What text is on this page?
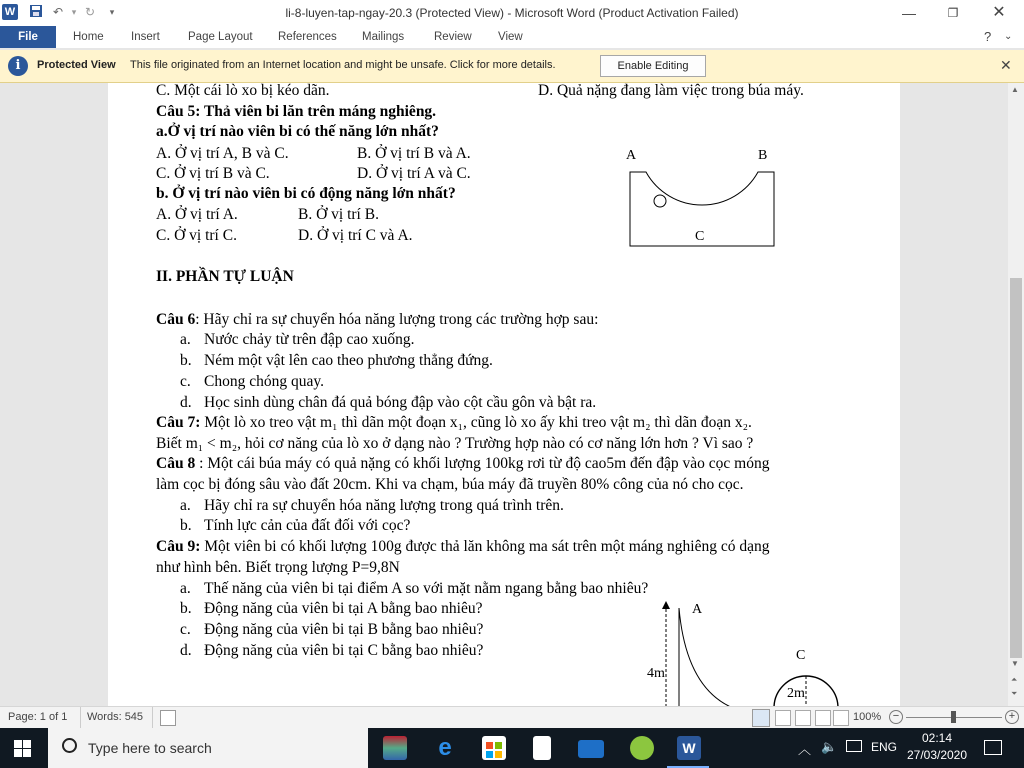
W	↶ ▾ ↻	▾	li-8-luyen-tap-ngay-20.3 (Protected View) - Microsoft Word (Product Activation Failed)	—	❐	✕
File	Home Insert Page Layout References Mailings	Review View	? ⌄
i	Protected View This file originated from an Internet location and might be unsafe. Click for more details.	Enable Editing	✕
C. Một cái lò xo bị kéo dãn.	D. Quả nặng đang làm việc trong búa máy.
Câu 5: Thả viên bi lăn trên máng nghiêng.
a.Ở vị trí nào viên bi có thế năng lớn nhất?
A. Ở vị trí A, B và C.	B. Ở vị trí B và A.
C. Ở vị trí B và C.	D. Ở vị trí A và C.
b. Ở vị trí nào viên bi có động năng lớn nhất?
A. Ở vị trí A.	B. Ở vị trí B.
C. Ở vị trí C.	D. Ở vị trí C và A.
A	B
C
II. PHẦN TỰ LUẬN
Câu 6: Hãy chỉ ra sự chuyển hóa năng lượng trong các trường hợp sau:
a. Nước chảy từ trên đập cao xuống.
b. Ném một vật lên cao theo phương thẳng đứng.
c. Chong chóng quay.
d. Học sinh dùng chân đá quả bóng đập vào cột cầu gôn và bật ra.
Câu 7: Một lò xo treo vật m₁ thì dãn một đoạn x₁, cũng lò xo ấy khi treo vật m₂ thì dãn đoạn x₂.
Biết m₁ < m₂, hỏi cơ năng của lò xo ở dạng nào ? Trường hợp nào có cơ năng lớn hơn ? Vì sao ?
Câu 8 : Một cái búa máy có quả nặng có khối lượng 100kg rơi từ độ cao5m đến đập vào cọc móng
làm cọc bị đóng sâu vào đất 20cm. Khi va chạm, búa máy đã truyền 80% công của nó cho cọc.
a. Hãy chỉ ra sự chuyển hóa năng lượng trong quá trình trên.
b. Tính lực cản của đất đối với cọc?
Câu 9: Một viên bi có khối lượng 100g được thả lăn không ma sát trên một máng nghiêng có dạng
như hình bên. Biết trọng lượng P=9,8N
a. Thế năng của viên bi tại điểm A so với mặt nằm ngang bằng bao nhiêu?
b. Động năng của viên bi tại A bằng bao nhiêu?
c. Động năng của viên bi tại B bằng bao nhiêu?
d. Động năng của viên bi tại C bằng bao nhiêu?
A
C
4m
2m
▲
▼
⏶
⏷
Page: 1 of 1 Words: 545	100%	−	+
Type here to search	e	W	︿ 🔈	ENG
02:14
27/03/2020
